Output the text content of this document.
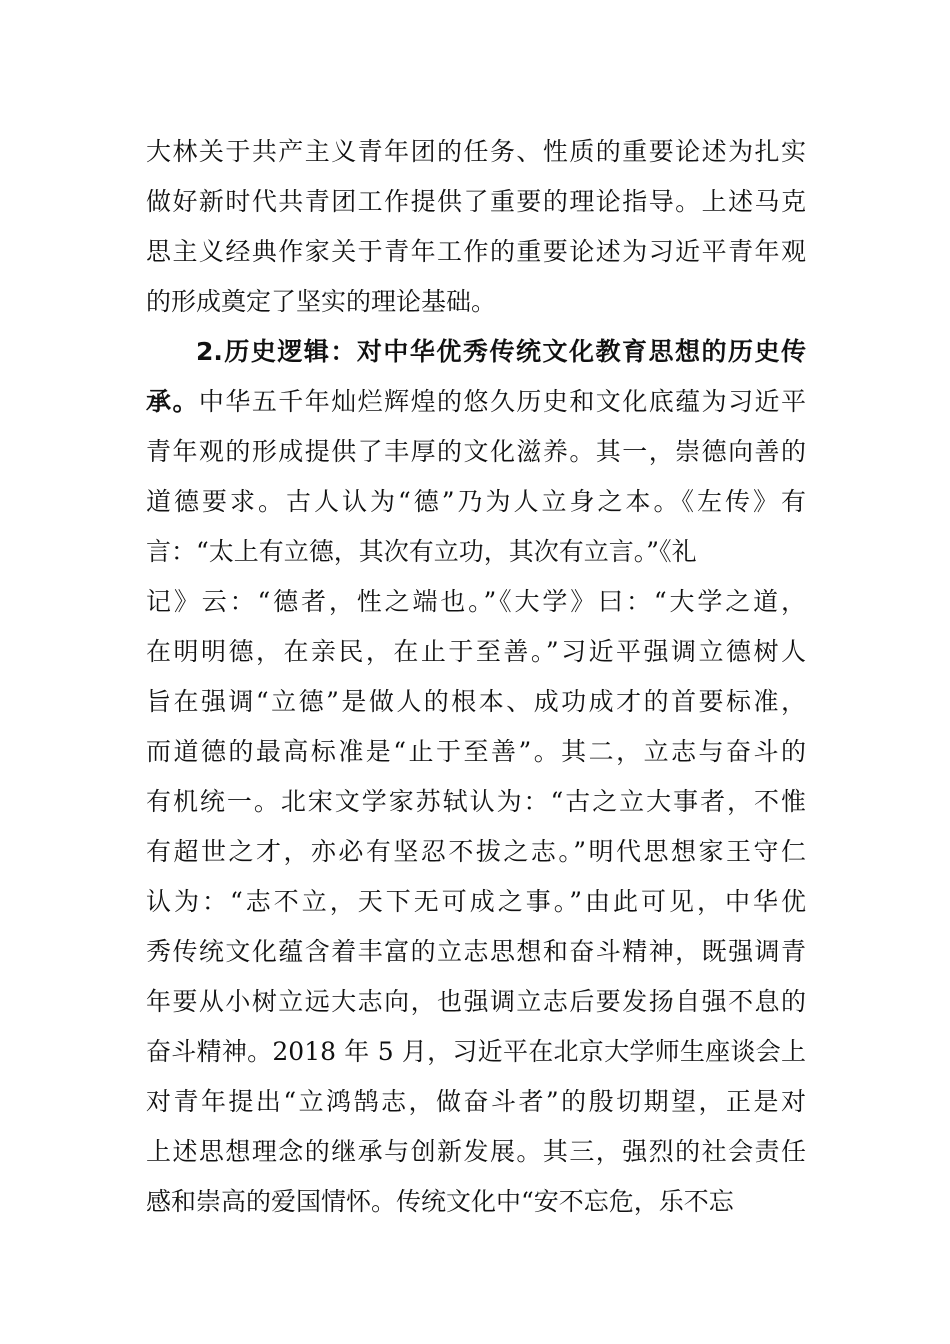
大林关于共产主义青年团的任务、性质的重要论述为扎实
做好新时代共青团工作提供了重要的理论指导。上述马克
思主义经典作家关于青年工作的重要论述为习近平青年观
的形成奠定了坚实的理论基础。
2.历史逻辑：对中华优秀传统文化教育思想的历史传
承。中华五千年灿烂辉煌的悠久历史和文化底蕴为习近平
青年观的形成提供了丰厚的文化滋养。其一，崇德向善的
道德要求。古人认为“德”乃为人立身之本。《左传》有
言：“太上有立德，其次有立功，其次有立言。”《礼
记》云：“德者，性之端也。”《大学》曰：“大学之道，
在明明德，在亲民，在止于至善。”习近平强调立德树人
旨在强调“立德”是做人的根本、成功成才的首要标准，
而道德的最高标准是“止于至善”。其二，立志与奋斗的
有机统一。北宋文学家苏轼认为：“古之立大事者，不惟
有超世之才，亦必有坚忍不拔之志。”明代思想家王守仁
认为：“志不立，天下无可成之事。”由此可见，中华优
秀传统文化蕴含着丰富的立志思想和奋斗精神，既强调青
年要从小树立远大志向，也强调立志后要发扬自强不息的
奋斗精神。2018 年 5 月，习近平在北京大学师生座谈会上
对青年提出“立鸿鹄志，做奋斗者”的殷切期望，正是对
上述思想理念的继承与创新发展。其三，强烈的社会责任
感和崇高的爱国情怀。传统文化中“安不忘危，乐不忘
